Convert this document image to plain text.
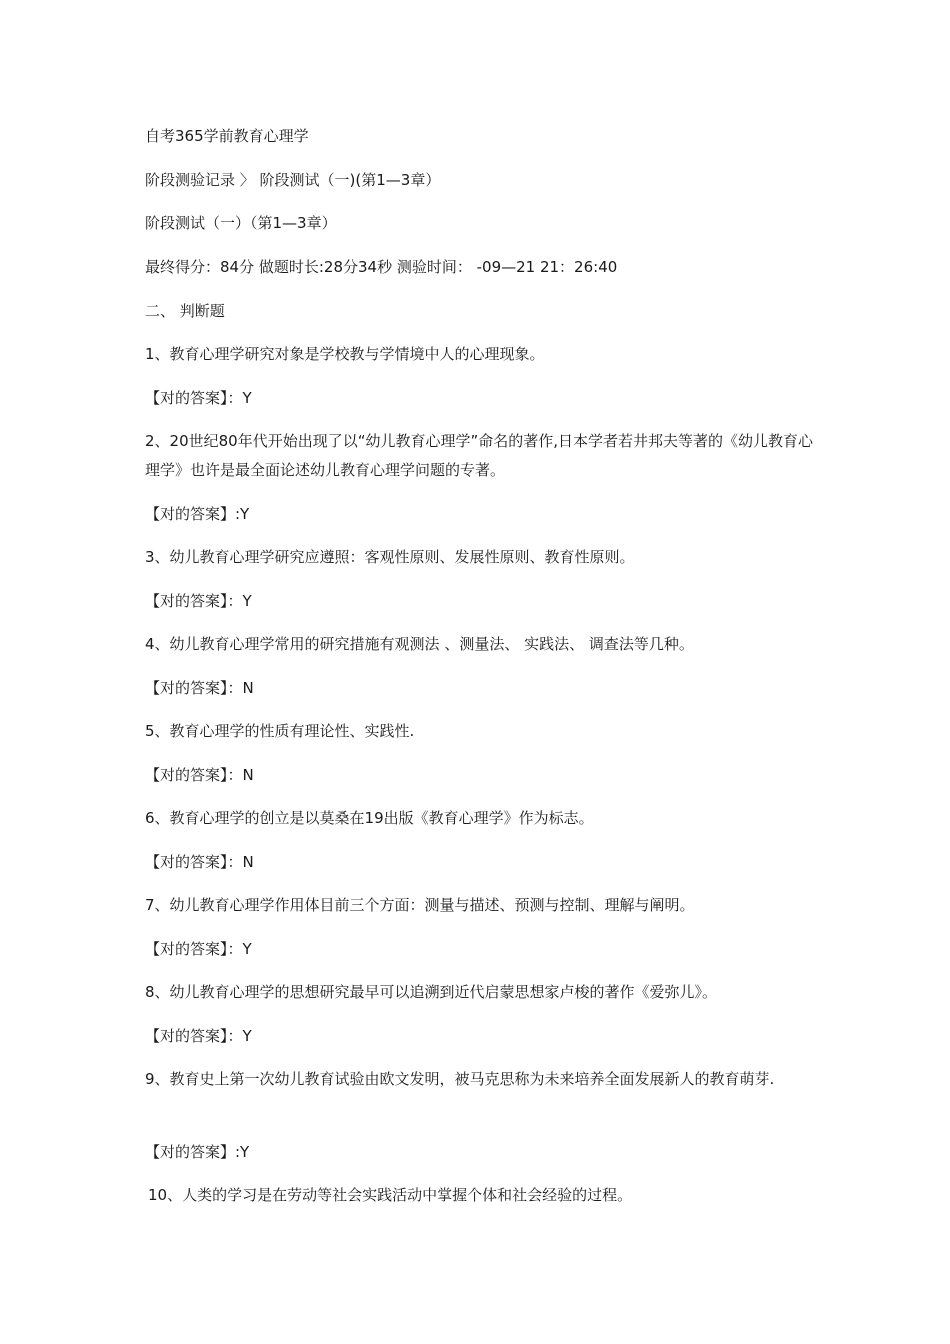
自考365学前教育心理学
阶段测验记录 〉 阶段测试（一)(第1—3章）
阶段测试（一）（第1—3章）
最终得分：84分 做题时长:28分34秒 测验时间： -09—21 21：26:40
二、 判断题
1、教育心理学研究对象是学校教与学情境中人的心理现象。
【对的答案】：Y
2、20世纪80年代开始出现了以“幼儿教育心理学”命名的著作,日本学者若井邦夫等著的《幼儿教育心理学》也许是最全面论述幼儿教育心理学问题的专著。
【对的答案】:Y
3、幼儿教育心理学研究应遵照：客观性原则、发展性原则、教育性原则。
【对的答案】：Y
4、幼儿教育心理学常用的研究措施有观测法 、测量法、 实践法、 调查法等几种。
【对的答案】：N
5、教育心理学的性质有理论性、实践性.
【对的答案】：N
6、教育心理学的创立是以莫桑在19出版《教育心理学》作为标志。
【对的答案】：N
7、幼儿教育心理学作用体目前三个方面：测量与描述、预测与控制、理解与阐明。
【对的答案】：Y
8、幼儿教育心理学的思想研究最早可以追溯到近代启蒙思想家卢梭的著作《爱弥儿》。
【对的答案】：Y
9、教育史上第一次幼儿教育试验由欧文发明，被马克思称为未来培养全面发展新人的教育萌芽.
【对的答案】:Y
10、人类的学习是在劳动等社会实践活动中掌握个体和社会经验的过程。
